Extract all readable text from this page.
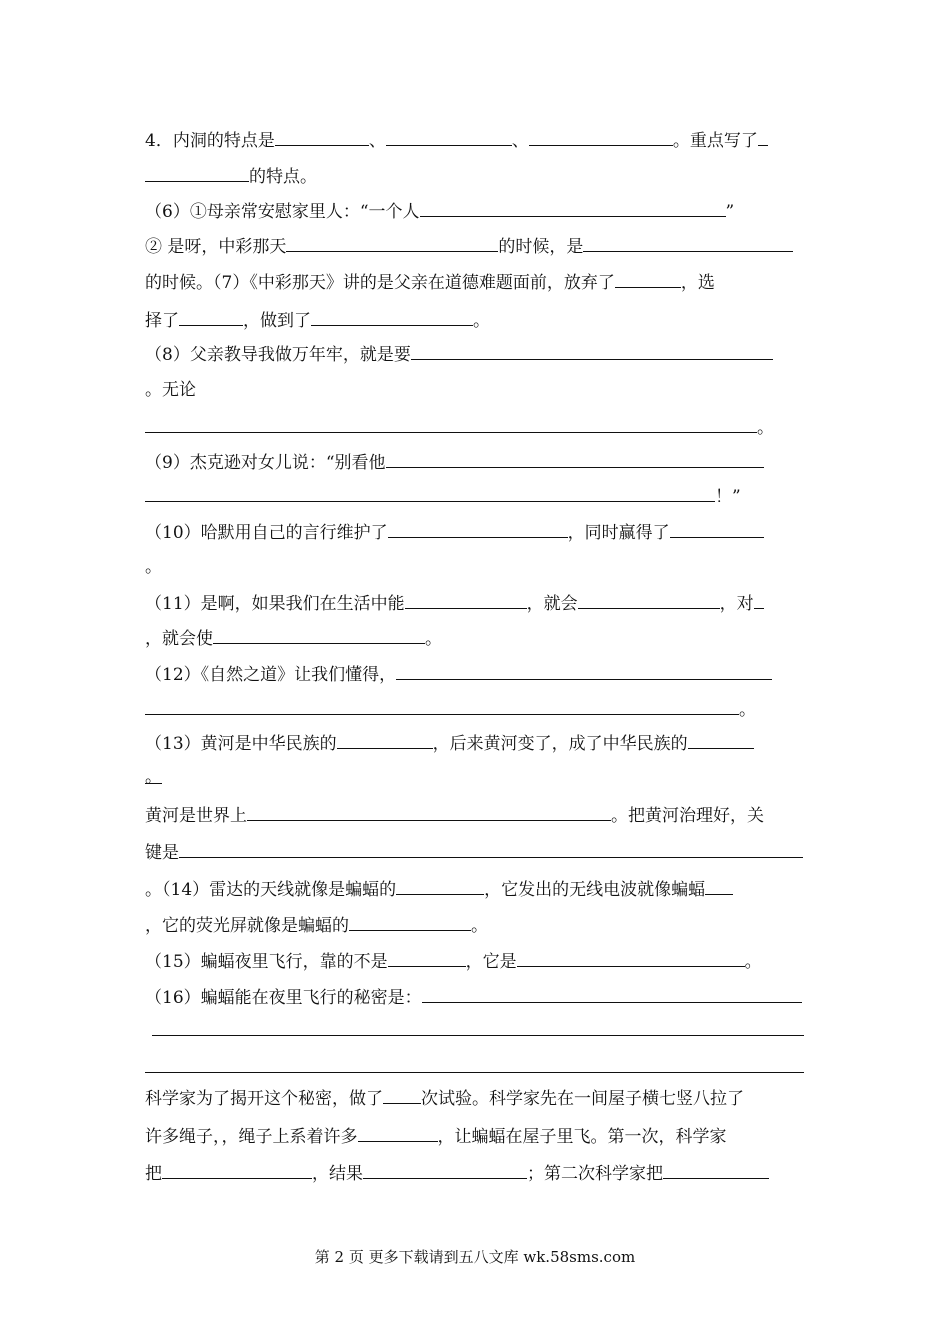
4．内洞的特点是	、	、	。重点写了
的特点。
（6）①母亲常安慰家里人：“一个人	”
② 是呀，中彩那天	的时候，是
的时候。（7）《中彩那天》讲的是父亲在道德难题面前，放弃了	，选
择了	，做到了	。
（8）父亲教导我做万年牢，就是要
。无论
。
（9）杰克逊对女儿说：“别看他
！”
（10）哈默用自己的言行维护了	，同时赢得了
。
（11）是啊，如果我们在生活中能	，就会	，对
，就会使	。
（12）《自然之道》让我们懂得，
。
（13）黄河是中华民族的	，后来黄河变了，成了中华民族的
。
黄河是世界上	。把黄河治理好，关
键是
。（14）雷达的天线就像是蝙蝠的	，它发出的无线电波就像蝙蝠
，它的荧光屏就像是蝙蝠的	。
（15）蝙蝠夜里飞行，靠的不是	，它是	。
（16）蝙蝠能在夜里飞行的秘密是：
科学家为了揭开这个秘密，做了 次试验。科学家先在一间屋子横七竖八拉了
许多绳子，，绳子上系着许多	，让蝙蝠在屋子里飞。第一次，科学家
把	，结果	；第二次科学家把
第 2 页 更多下载请到五八文库 wk.58sms.com
